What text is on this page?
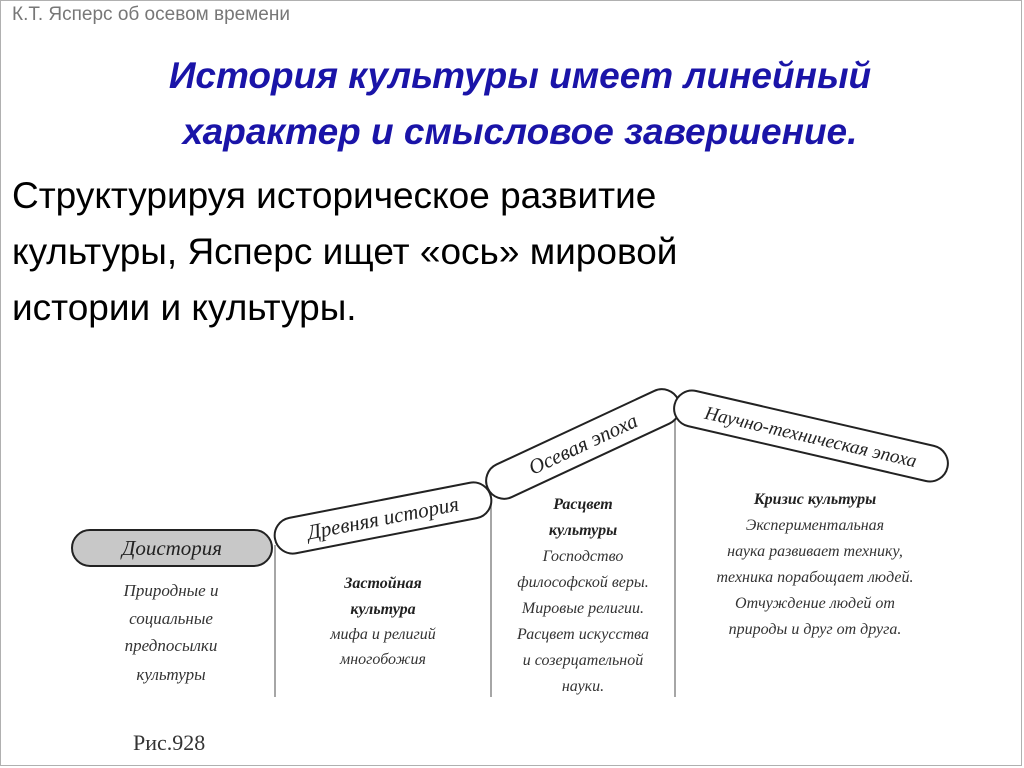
К.Т. Ясперс об осевом времени
История культуры имеет линейный
характер и смысловое завершение.
Структурируя историческое развитие
культуры, Ясперс ищет «ось» мировой
истории и культуры.
Доистория
Древняя история
Осевая эпоха	Научно-техническая эпоха
Природные и
социальные
предпосылки
культуры
Застойная
культура
мифа и религий
многобожия
Расцвет
культуры
Господство
философской веры.
Мировые религии.
Расцвет искусства
и созерцательной
науки.
Кризис культуры
Экспериментальная
наука развивает технику,
техника порабощает людей.
Отчуждение людей от
природы и друг от друга.
Рис.928
